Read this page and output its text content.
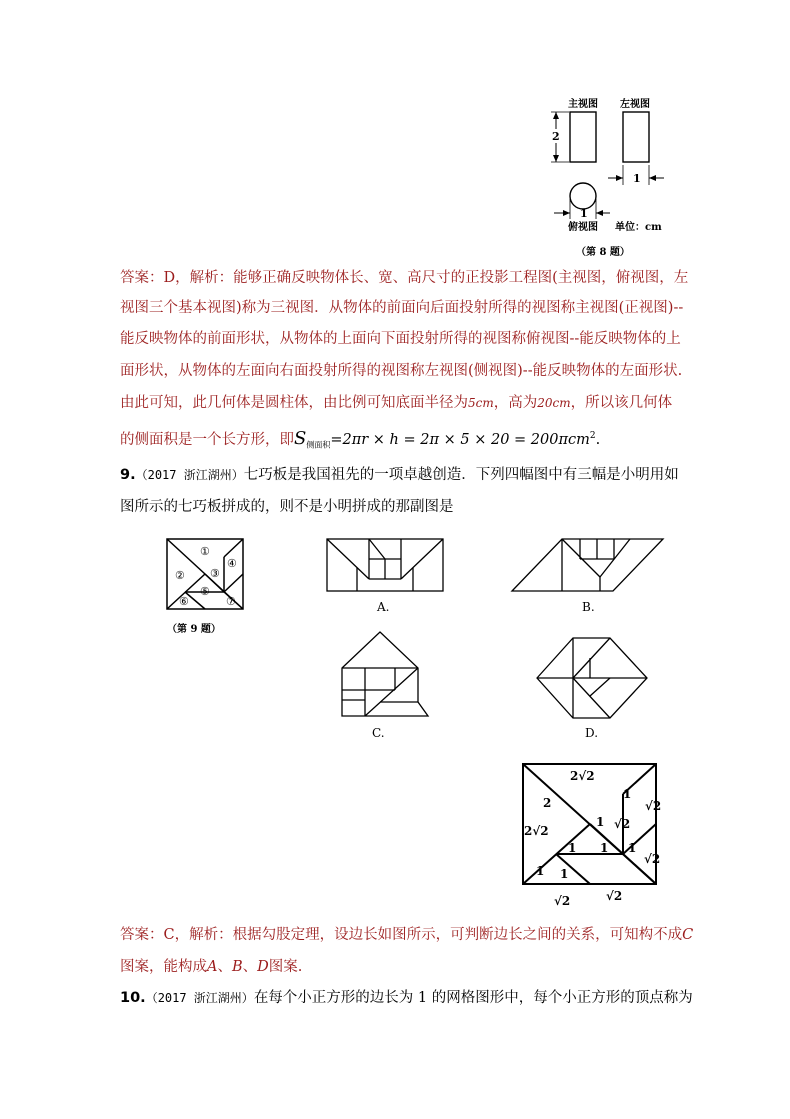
主视图 左视图
2
1
1
俯视图 单位：cm
（第 8 题）
答案：D，解析：能够正确反映物体长、宽、高尺寸的正投影工程图(主视图，俯视图，左
视图三个基本视图)称为三视图．从物体的前面向后面投射所得的视图称主视图(正视图)--
能反映物体的前面形状，从物体的上面向下面投射所得的视图称俯视图--能反映物体的上
面形状，从物体的左面向右面投射所得的视图称左视图(侧视图)--能反映物体的左面形状.
由此可知，此几何体是圆柱体，由比例可知底面半径为5cm，高为20cm，所以该几何体
的侧面积是一个长方形，即$S_{侧面积}=2\pi r \times h = 2\pi \times 5 \times 20 = 200\pi cm^2$.
9.（2017 浙江湖州）七巧板是我国祖先的一项卓越创造．下列四幅图中有三幅是小明用如
图所示的七巧板拼成的，则不是小明拼成的那副图是
①
② ③
④
⑤
⑥	⑦
（第 9 题）
A.	B.
C.	D.
2√2
2
2√2
1
1 √2
√2
1 1
1 1
√2
1
√2
√2
答案：C，解析：根据勾股定理，设边长如图所示，可判断边长之间的关系，可知构不成C
图案，能构成A、B、D图案.
10.（2017 浙江湖州）在每个小正方形的边长为 1 的网格图形中，每个小正方形的顶点称为
